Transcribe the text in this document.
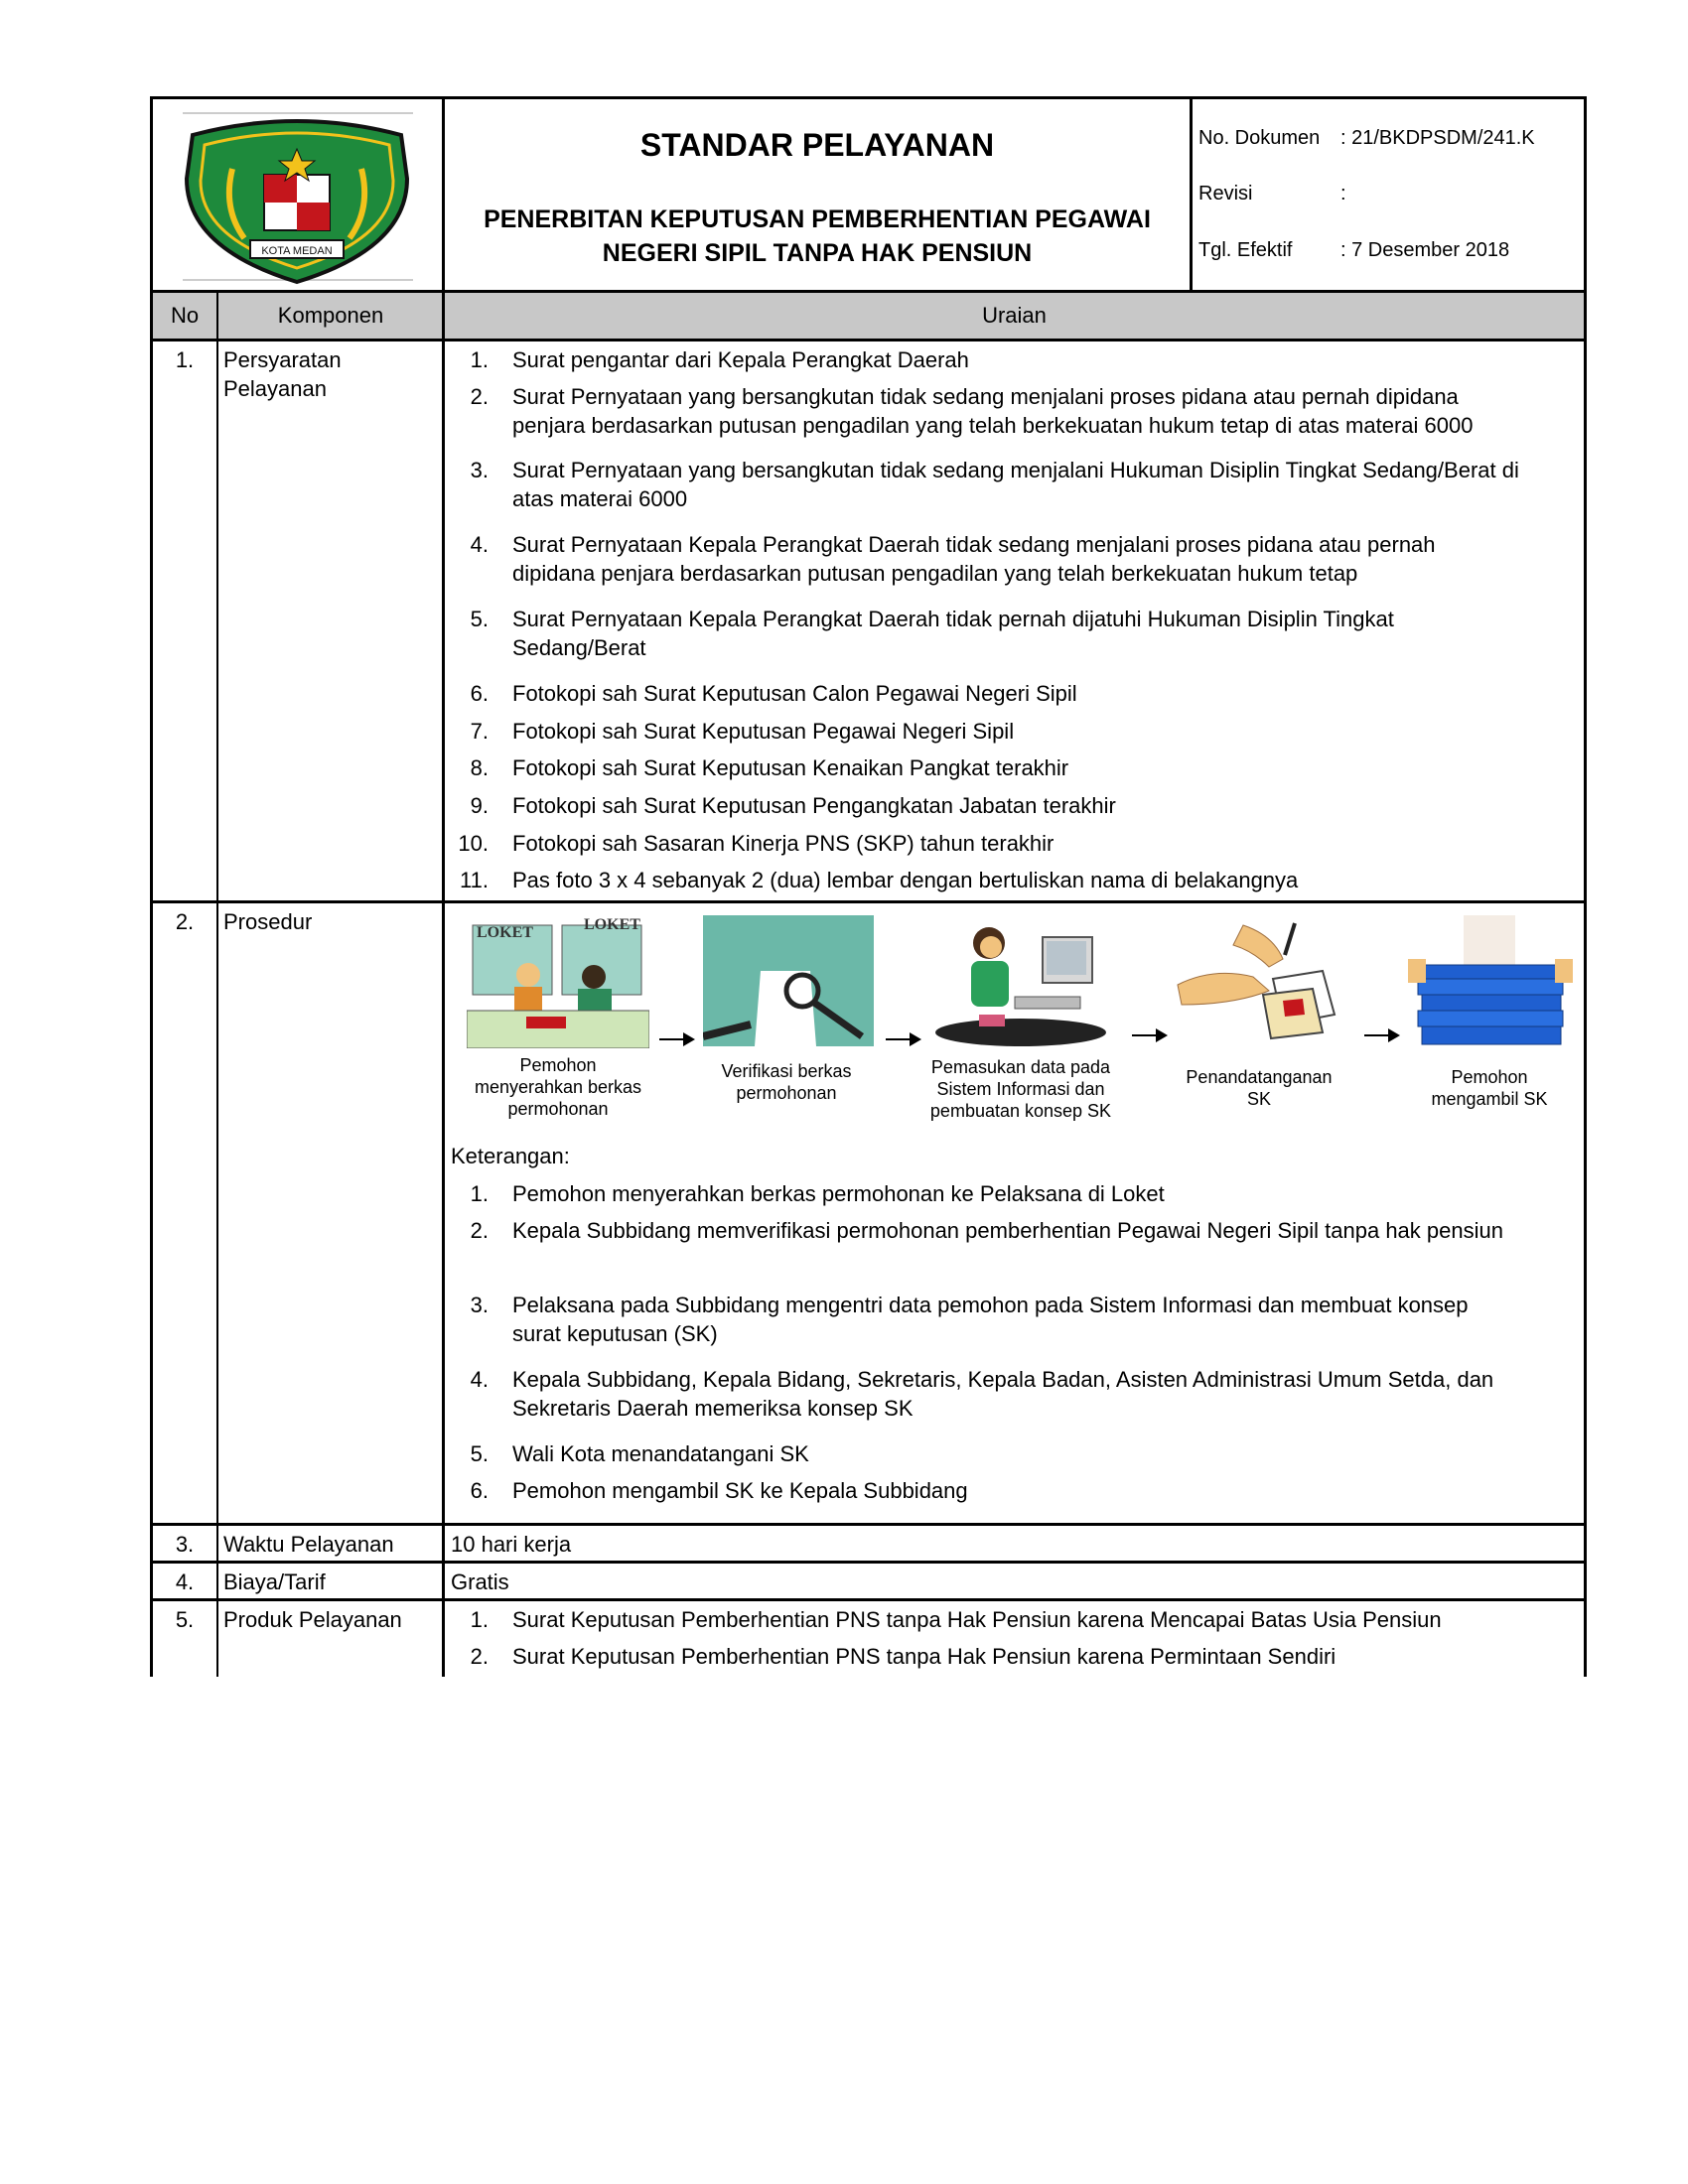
KOTA MEDAN
STANDAR PELAYANAN
PENERBITAN KEPUTUSAN PEMBERHENTIAN PEGAWAI
NEGERI SIPIL TANPA HAK PENSIUN
No. Dokumen : 21/BKDPSDM/241.K
Revisi	:
Tgl. Efektif : 7 Desember 2018
No	Komponen	Uraian
1.	Persyaratan
Pelayanan
1. Surat pengantar dari Kepala Perangkat Daerah
2. Surat Pernyataan yang bersangkutan tidak sedang menjalani proses pidana atau pernah dipidana
penjara berdasarkan putusan pengadilan yang telah berkekuatan hukum tetap di atas materai 6000
3. Surat Pernyataan yang bersangkutan tidak sedang menjalani Hukuman Disiplin Tingkat Sedang/Berat di
atas materai 6000
4. Surat Pernyataan Kepala Perangkat Daerah tidak sedang menjalani proses pidana atau pernah
dipidana penjara berdasarkan putusan pengadilan yang telah berkekuatan hukum tetap
5. Surat Pernyataan Kepala Perangkat Daerah tidak pernah dijatuhi Hukuman Disiplin Tingkat
Sedang/Berat
6. Fotokopi sah Surat Keputusan Calon Pegawai Negeri Sipil
7. Fotokopi sah Surat Keputusan Pegawai Negeri Sipil
8. Fotokopi sah Surat Keputusan Kenaikan Pangkat terakhir
9. Fotokopi sah Surat Keputusan Pengangkatan Jabatan terakhir
10. Fotokopi sah Sasaran Kinerja PNS (SKP) tahun terakhir
11. Pas foto 3 x 4 sebanyak 2 (dua) lembar dengan bertuliskan nama di belakangnya
2.	Prosedur	LOKET	LOKET
Pemohon
menyerahkan berkas
permohonan
Verifikasi berkas
permohonan
Pemasukan data pada
Sistem Informasi dan
pembuatan konsep SK
Penandatanganan
SK
Pemohon
mengambil SK
Keterangan:
1. Pemohon menyerahkan berkas permohonan ke Pelaksana di Loket
2. Kepala Subbidang memverifikasi permohonan pemberhentian Pegawai Negeri Sipil tanpa hak pensiun
3. Pelaksana pada Subbidang mengentri data pemohon pada Sistem Informasi dan membuat konsep
surat keputusan (SK)
4. Kepala Subbidang, Kepala Bidang, Sekretaris, Kepala Badan, Asisten Administrasi Umum Setda, dan
Sekretaris Daerah memeriksa konsep SK
5. Wali Kota menandatangani SK
6. Pemohon mengambil SK ke Kepala Subbidang
3.	Waktu Pelayanan	10 hari kerja
4.	Biaya/Tarif	Gratis
5.	Produk Pelayanan	1. Surat Keputusan Pemberhentian PNS tanpa Hak Pensiun karena Mencapai Batas Usia Pensiun
2. Surat Keputusan Pemberhentian PNS tanpa Hak Pensiun karena Permintaan Sendiri
